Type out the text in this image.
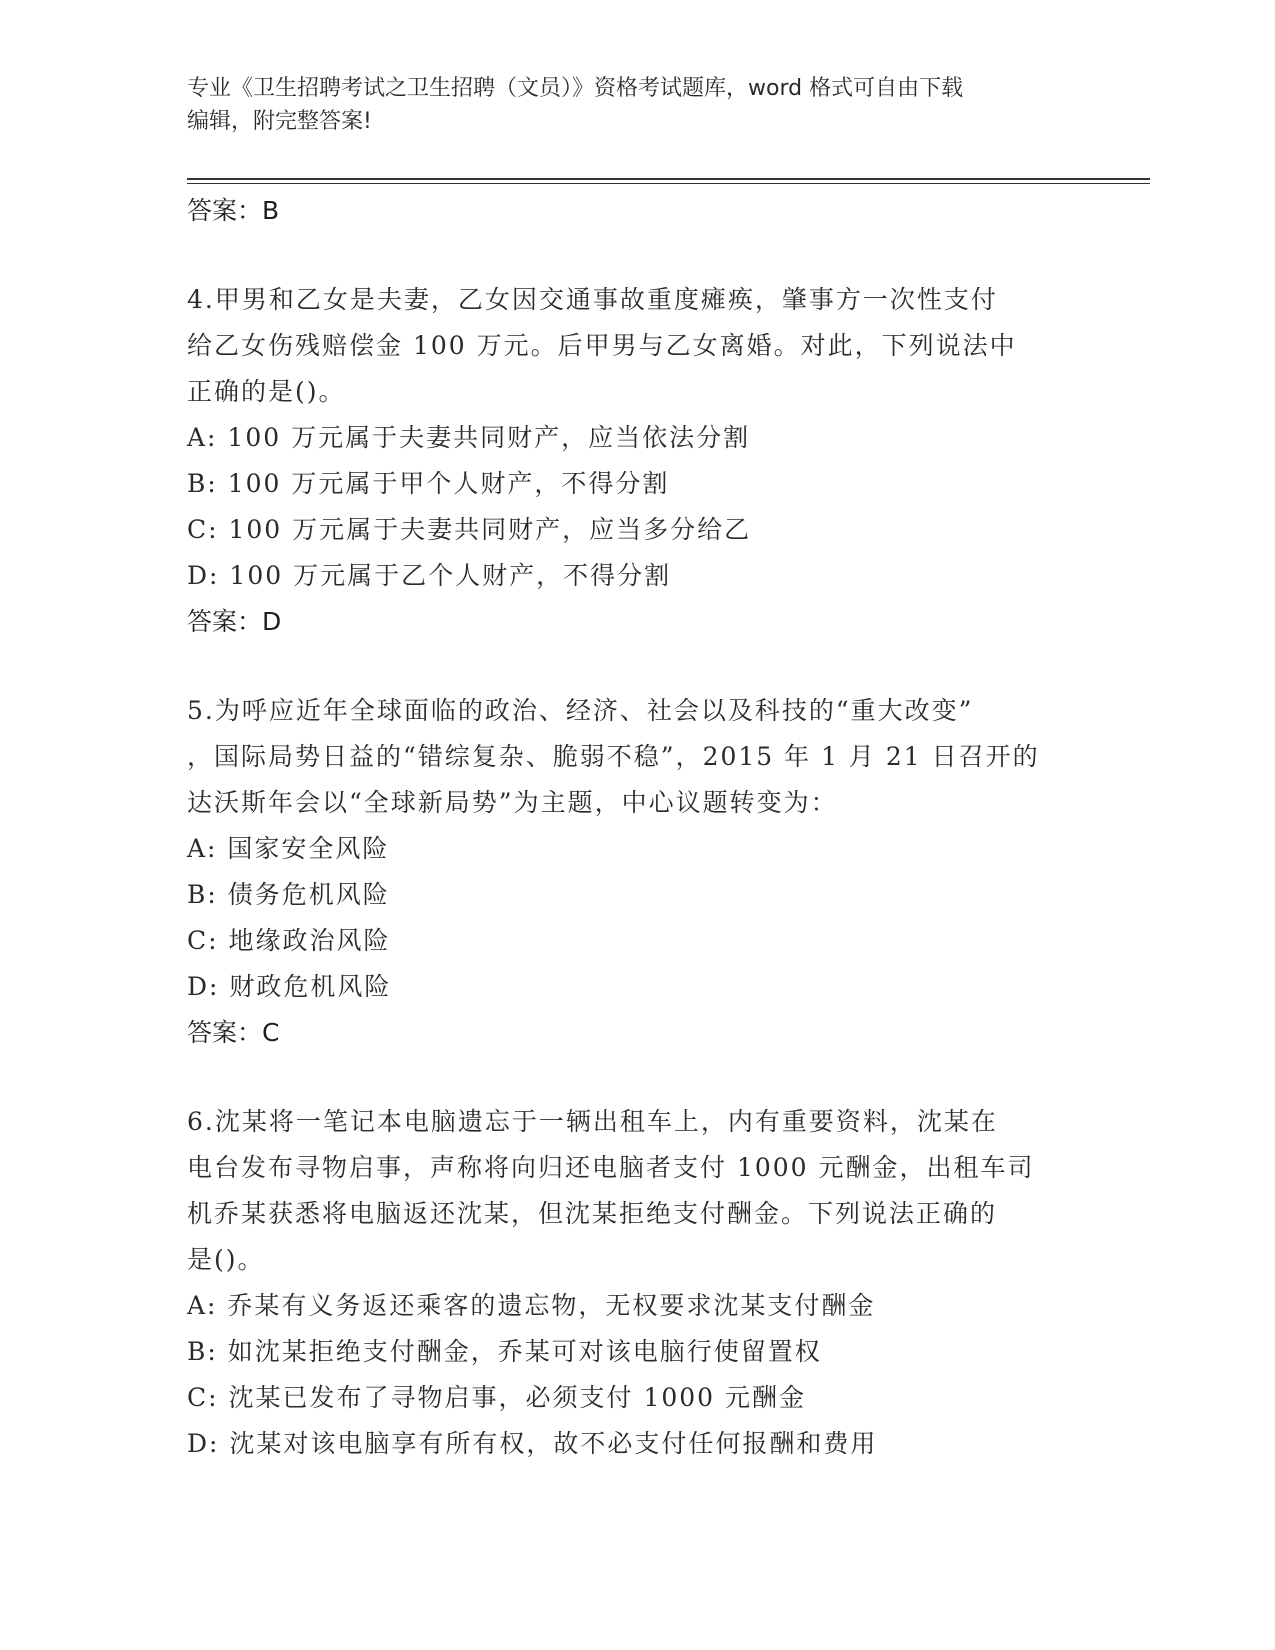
专业《卫生招聘考试之卫生招聘（文员）》资格考试题库，word 格式可自由下载
编辑，附完整答案!
答案：B
4.甲男和乙女是夫妻，乙女因交通事故重度瘫痪，肇事方一次性支付
给乙女伤残赔偿金 100 万元。后甲男与乙女离婚。对此，下列说法中
正确的是()。
A: 100 万元属于夫妻共同财产，应当依法分割
B: 100 万元属于甲个人财产，不得分割
C: 100 万元属于夫妻共同财产，应当多分给乙
D: 100 万元属于乙个人财产，不得分割
答案：D
5.为呼应近年全球面临的政治、经济、社会以及科技的“重大改变”
，国际局势日益的“错综复杂、脆弱不稳”，2015 年 1 月 21 日召开的
达沃斯年会以“全球新局势”为主题，中心议题转变为：
A: 国家安全风险
B: 债务危机风险
C: 地缘政治风险
D: 财政危机风险
答案：C
6.沈某将一笔记本电脑遗忘于一辆出租车上，内有重要资料，沈某在
电台发布寻物启事，声称将向归还电脑者支付 1000 元酬金，出租车司
机乔某获悉将电脑返还沈某，但沈某拒绝支付酬金。下列说法正确的
是()。
A: 乔某有义务返还乘客的遗忘物，无权要求沈某支付酬金
B: 如沈某拒绝支付酬金，乔某可对该电脑行使留置权
C: 沈某已发布了寻物启事，必须支付 1000 元酬金
D: 沈某对该电脑享有所有权，故不必支付任何报酬和费用
